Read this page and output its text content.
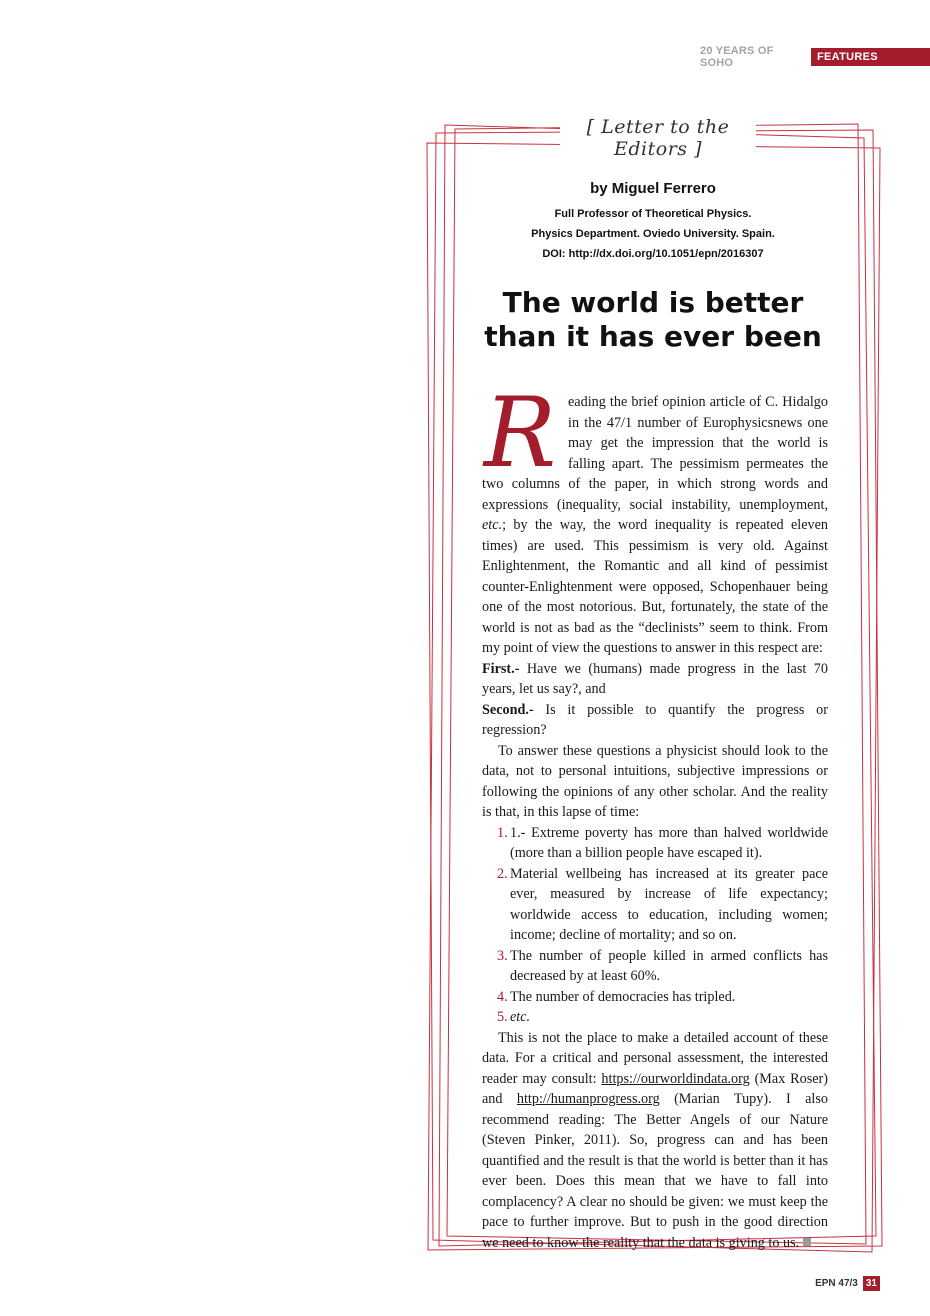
20 YEARS OF SOHO	FEATURES
[ Letter to the Editors ]
by Miguel Ferrero
Full Professor of Theoretical Physics.
Physics Department. Oviedo University. Spain.
DOI: http://dx.doi.org/10.1051/epn/2016307
The world is better
than it has ever been

Reading the brief opinion article of C. Hidalgo in the 47/1 number of Europhysicsnews one may get the impression that the world is falling apart. The pessimism permeates the two columns of the paper, in which strong words and expressions (inequality, social instability, unemployment, etc.; by the way, the word inequality is repeated eleven times) are used. This pessimism is very old. Against Enlightenment, the Romantic and all kind of pessimist counter-Enlightenment were opposed, Schopenhauer being one of the most notorious. But, fortunately, the state of the world is not as bad as the “declinists” seem to think. From my point of view the questions to answer in this respect are:

First.- Have we (humans) made progress in the last 70 years, let us say?, and

Second.- Is it possible to quantify the progress or regression?

To answer these questions a physicist should look to the data, not to personal intuitions, subjective impressions or following the opinions of any other scholar. And the reality is that, in this lapse of time:

1. 1.- Extreme poverty has more than halved worldwide (more than a billion people have escaped it).
2. Material wellbeing has increased at its greater pace ever, measured by increase of life expectancy; worldwide access to education, including women; income; decline of mortality; and so on.
3. The number of people killed in armed conflicts has decreased by at least 60%.
4. The number of democracies has tripled.
5. etc.

This is not the place to make a detailed account of these data. For a critical and personal assessment, the interested reader may consult: https://ourworldindata.org (Max Roser) and http://humanprogress.org (Marian Tupy). I also recommend reading: The Better Angels of our Nature (Steven Pinker, 2011). So, progress can and has been quantified and the result is that the world is better than it has ever been. Does this mean that we have to fall into complacency? A clear no should be given: we must keep the pace to further improve. But to push in the good direction we need to know the reality that the data is giving to us.

EPN 47/3 31
